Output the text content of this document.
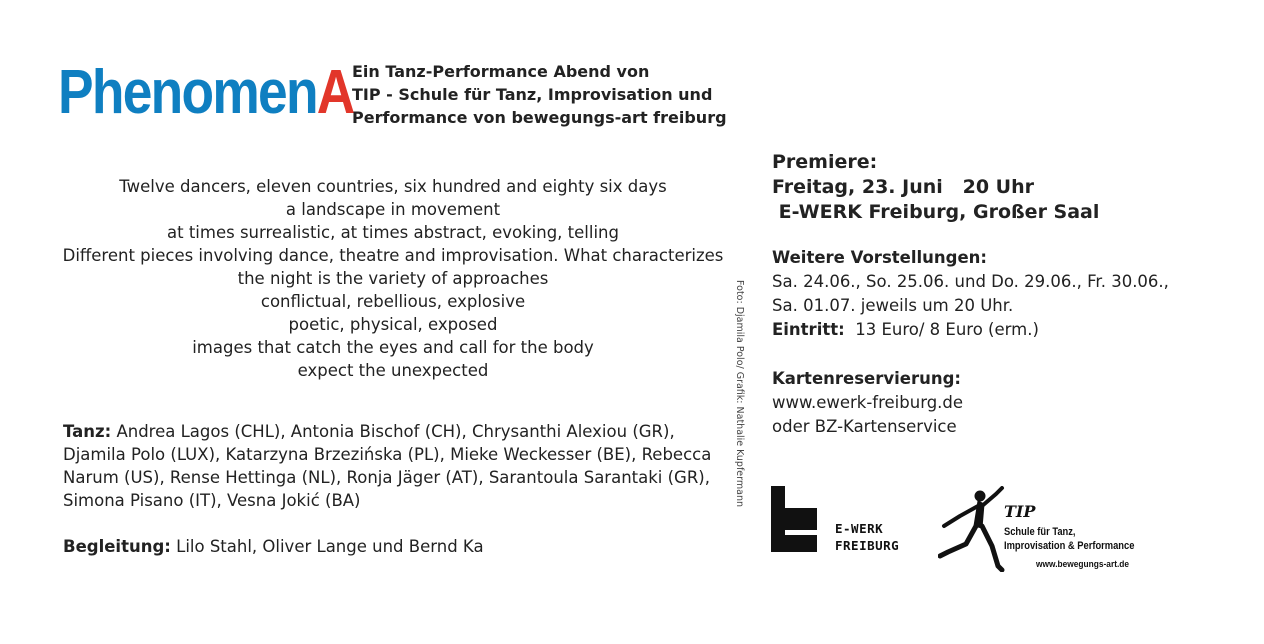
PhenomenA
Ein Tanz-Performance Abend von
TIP - Schule für Tanz, Improvisation und
Performance von bewegungs-art freiburg
Twelve dancers, eleven countries, six hundred and eighty six days
a landscape in movement
at times surrealistic, at times abstract, evoking, telling
Different pieces involving dance, theatre and improvisation. What characterizes
the night is the variety of approaches
conflictual, rebellious, explosive
poetic, physical, exposed
images that catch the eyes and call for the body
expect the unexpected
Tanz: Andrea Lagos (CHL), Antonia Bischof (CH), Chrysanthi Alexiou (GR), Djamila Polo (LUX), Katarzyna Brzezińska (PL), Mieke Weckesser (BE), Rebecca Narum (US), Rense Hettinga (NL), Ronja Jäger (AT), Sarantoula Sarantaki (GR), Simona Pisano (IT), Vesna Jokić (BA)
Begleitung: Lilo Stahl, Oliver Lange und Bernd Ka
Foto: Djamila Polo/ Grafik: Nathalie Kupfermann
Premiere:
Freitag, 23. Juni   20 Uhr
E-WERK Freiburg, Großer Saal
Weitere Vorstellungen:
Sa. 24.06., So. 25.06. und Do. 29.06., Fr. 30.06.,
Sa. 01.07. jeweils um 20 Uhr.
Eintritt:  13 Euro/ 8 Euro (erm.)
Kartenreservierung:
www.ewerk-freiburg.de
oder BZ-Kartenservice
E-WERK
FREIBURG
TIP
Schule für Tanz,
Improvisation & Performance
www.bewegungs-art.de
